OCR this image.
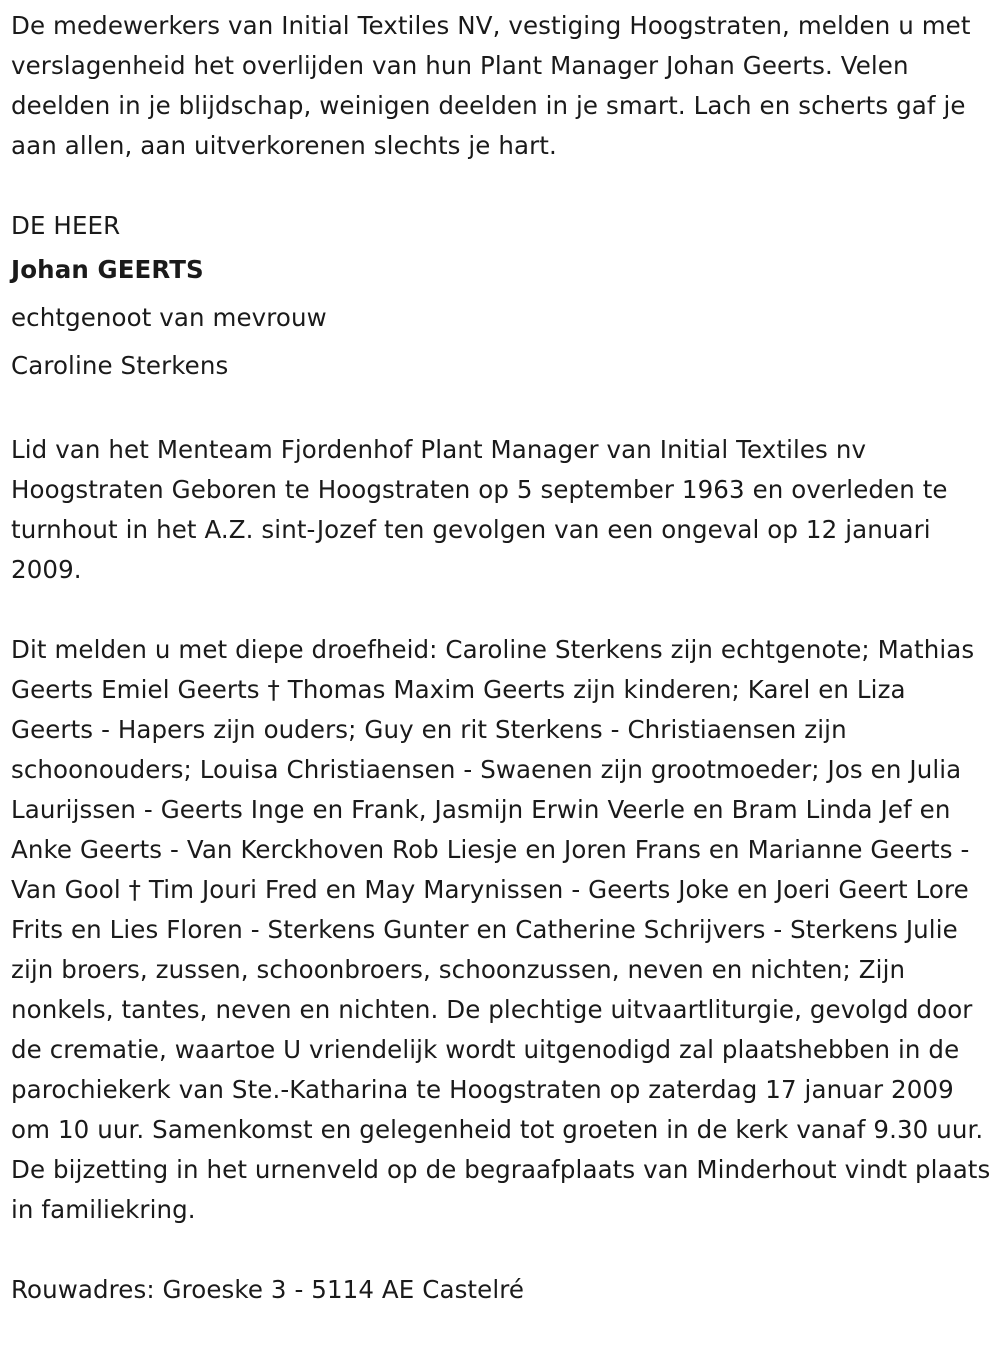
De medewerkers van Initial Textiles NV, vestiging Hoogstraten, melden u met verslagenheid het overlijden van hun Plant Manager Johan Geerts. Velen deelden in je blijdschap, weinigen deelden in je smart. Lach en scherts gaf je aan allen, aan uitverkorenen slechts je hart.

DE HEER

Johan GEERTS

echtgenoot van mevrouw

Caroline Sterkens

Lid van het Menteam Fjordenhof Plant Manager van Initial Textiles nv Hoogstraten Geboren te Hoogstraten op 5 september 1963 en overleden te turnhout in het A.Z. sint-Jozef ten gevolgen van een ongeval op 12 januari 2009.

Dit melden u met diepe droefheid: Caroline Sterkens zijn echtgenote; Mathias Geerts Emiel Geerts † Thomas Maxim Geerts zijn kinderen; Karel en Liza Geerts - Hapers zijn ouders; Guy en rit Sterkens - Christiaensen zijn schoonouders; Louisa Christiaensen - Swaenen zijn grootmoeder; Jos en Julia Laurijssen - Geerts Inge en Frank, Jasmijn Erwin Veerle en Bram Linda Jef en Anke Geerts - Van Kerckhoven Rob Liesje en Joren Frans en Marianne Geerts - Van Gool † Tim Jouri Fred en May Marynissen - Geerts Joke en Joeri Geert Lore Frits en Lies Floren - Sterkens Gunter en Catherine Schrijvers - Sterkens Julie zijn broers, zussen, schoonbroers, schoonzussen, neven en nichten; Zijn nonkels, tantes, neven en nichten. De plechtige uitvaartliturgie, gevolgd door de crematie, waartoe U vriendelijk wordt uitgenodigd zal plaatshebben in de parochiekerk van Ste.-Katharina te Hoogstraten op zaterdag 17 januar 2009 om 10 uur. Samenkomst en gelegenheid tot groeten in de kerk vanaf 9.30 uur. De bijzetting in het urnenveld op de begraafplaats van Minderhout vindt plaats in familiekring.

Rouwadres: Groeske 3 - 5114 AE Castelré
